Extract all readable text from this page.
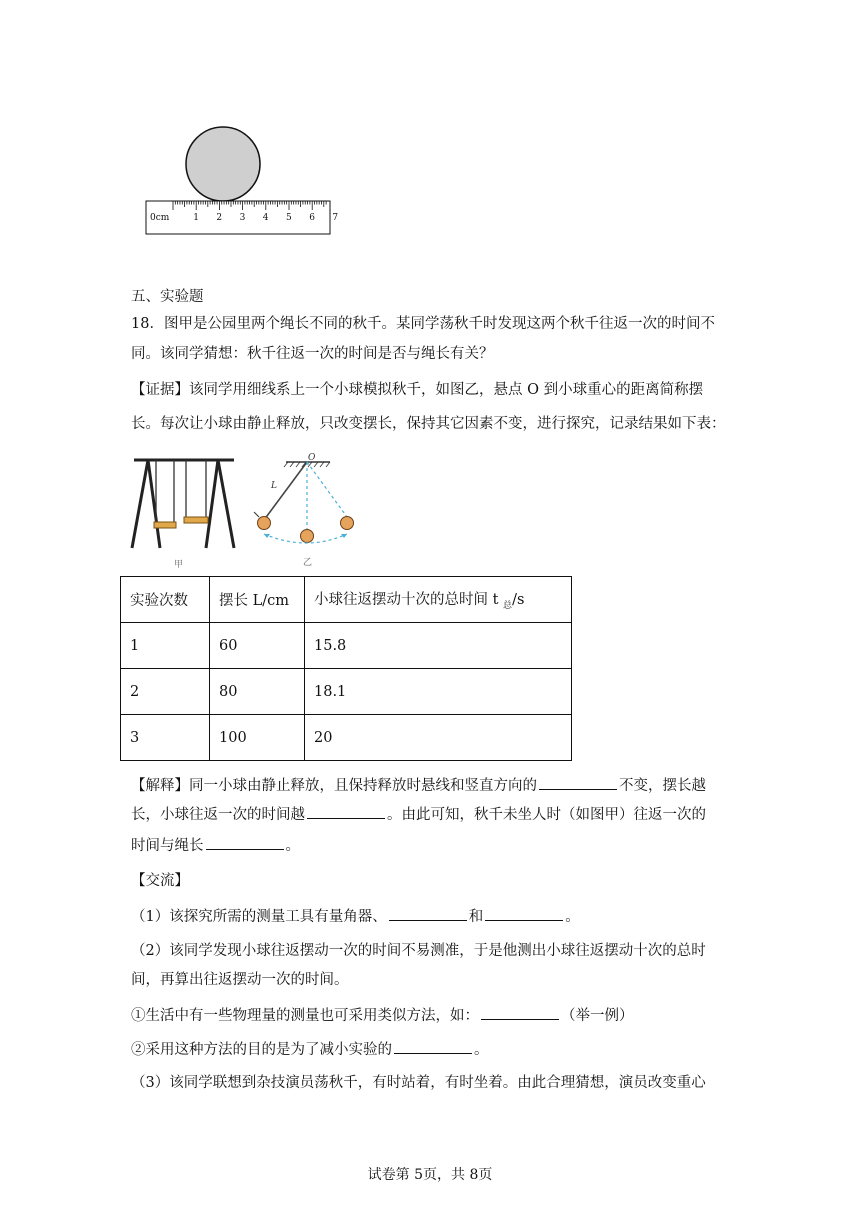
0cm	1 2 3 4 5 6 7
五、实验题
18．图甲是公园里两个绳长不同的秋千。某同学荡秋千时发现这两个秋千往返一次的时间不
同。该同学猜想：秋千往返一次的时间是否与绳长有关？
【证据】该同学用细线系上一个小球模拟秋千，如图乙，悬点 O 到小球重心的距离简称摆
长。每次让小球由静止释放，只改变摆长，保持其它因素不变，进行探究，记录结果如下表：
甲
O
L
乙
实验次数	摆长 L/cm	小球往返摆动十次的总时间 t $_总$/s
1	60	15.8
2	80	18.1
3	100	20
【解释】同一小球由静止释放，且保持释放时悬线和竖直方向的	不变，摆长越
长，小球往返一次的时间越	。由此可知，秋千未坐人时（如图甲）往返一次的
时间与绳长	。
【交流】
（1）该探究所需的测量工具有量角器、	和	。
（2）该同学发现小球往返摆动一次的时间不易测准，于是他测出小球往返摆动十次的总时
间，再算出往返摆动一次的时间。
①生活中有一些物理量的测量也可采用类似方法，如：	（举一例）
②采用这种方法的目的是为了减小实验的	。
（3）该同学联想到杂技演员荡秋千，有时站着，有时坐着。由此合理猜想，演员改变重心
试卷第 5页，共 8页
